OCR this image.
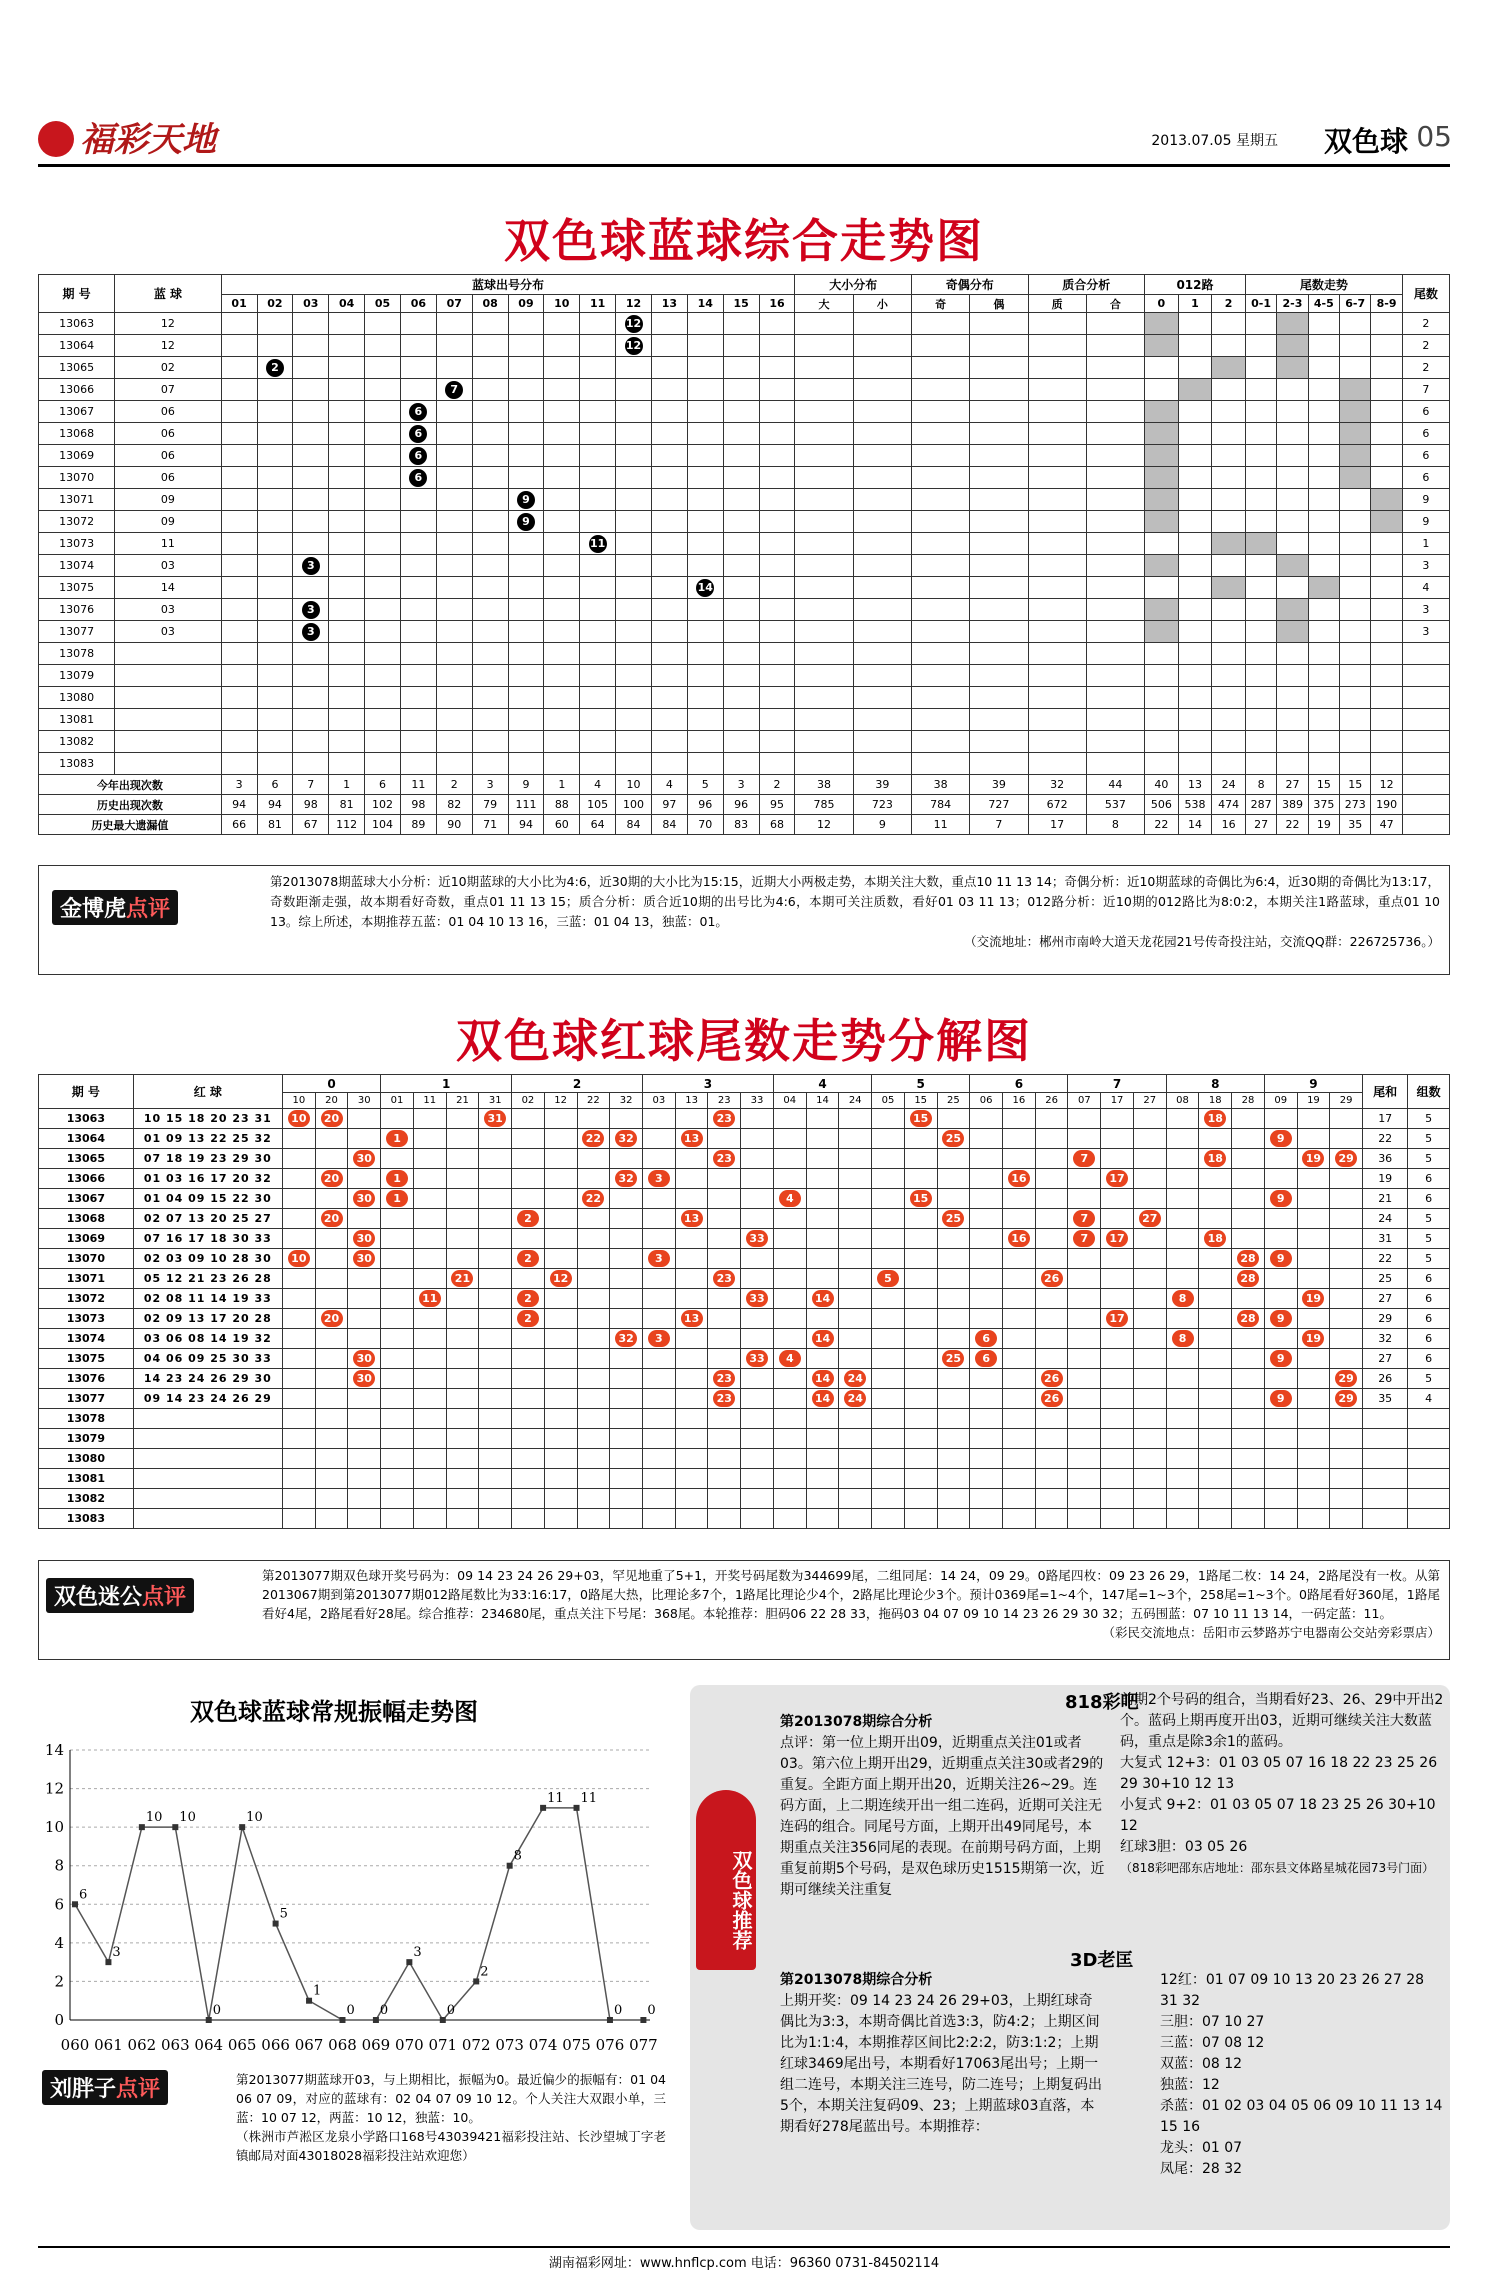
福彩天地	2013.07.05 星期五 双色球 05
双色球蓝球综合走势图
期 号	蓝 球	蓝球出号分布																大小分布		奇偶分布		质合分析		012路			尾数走势					尾数
		01	02	03	04	05	06	07	08	09	10	11	12	13	14	15	16	大	小	奇	偶	质	合	0	1	2	0-1	2-3	4-5	6-7	8-9	
13063	12												12																			2
13064	12												12																			2
13065	02		2																													2
13066	07							7																								7
13067	06						6																									6
13068	06						6																									6
13069	06						6																									6
13070	06						6																									6
13071	09									9																						9
13072	09									9																						9
13073	11											11																				1
13074	03			3																												3
13075	14														14																	4
13076	03			3																												3
13077	03			3																												3
13078																																
13079																																
13080																																
13081																																
13082																																
13083																																
今年出现次数		3	6	7	1	6	11	2	3	9	1	4	10	4	5	3	2	38	39	38	39	32	44	40	13	24	8	27	15	15	12	
历史出现次数		94	94	98	81	102	98	82	79	111	88	105	100	97	96	96	95	785	723	784	727	672	537	506	538	474	287	389	375	273	190	
历史最大遗漏值		66	81	67	112	104	89	90	71	94	60	64	84	84	70	83	68	12	9	11	7	17	8	22	14	16	27	22	19	35	47	
金博虎点评
第2013078期蓝球大小分析：近10期蓝球的大小比为4:6，近30期的大小比为15:15，近期大小两极走势，本期关注大数，重点10 11 13 14；奇偶分析：近10期蓝球的奇偶比为6:4，近30期的奇偶比为13:17，奇数距渐走强，故本期看好奇数，重点01 11 13 15；质合分析：质合近10期的出号比为4:6，本期可关注质数，看好01 03 11 13；012路分析：近10期的012路比为8:0:2，本期关注1路蓝球，重点01 10 13。综上所述，本期推荐五蓝：01 04 10 13 16，三蓝：01 04 13，独蓝：01。
（交流地址：郴州市南岭大道天龙花园21号传奇投注站，交流QQ群：226725736。）
双色球红球尾数走势分解图
期 号	红 球	0			1				2				3				4			5			6			7			8			9			尾和	组数
		10	20	30	01	11	21	31	02	12	22	32	03	13	23	33	04	14	24	05	15	25	06	16	26	07	17	27	08	18	28	09	19	29		
13063	10 15 18 20 23 31	10	20					31							23						15									18					17	5
13064	01 09 13 22 25 32				1						22	32		13								25										9			22	5
13065	07 18 19 23 29 30			30											23											7				18			19	29	36	5
13066	01 03 16 17 20 32		20		1							32	3											16			17								19	6
13067	01 04 09 15 22 30			30	1						22						4				15											9			21	6
13068	02 07 13 20 25 27		20						2					13								25				7		27							24	5
13069	07 16 17 18 30 33			30												33								16		7	17			18					31	5
13070	02 03 09 10 28 30	10		30					2				3																		28	9			22	5
13071	05 12 21 23 26 28						21			12					23					5					26						28				25	6
13072	02 08 11 14 19 33					11			2							33		14											8				19		27	6
13073	02 09 13 17 20 28		20						2					13													17				28	9			29	6
13074	03 06 08 14 19 32											32	3					14					6						8				19		32	6
13075	04 06 09 25 30 33			30												33	4					25	6									9			27	6
13076	14 23 24 26 29 30			30											23			14	24						26									29	26	5
13077	09 14 23 24 26 29														23			14	24						26							9		29	35	4
13078																																				
13079																																				
13080																																				
13081																																				
13082																																				
13083																																				
双色迷公点评
第2013077期双色球开奖号码为：09 14 23 24 26 29+03，罕见地重了5+1，开奖号码尾数为344699尾，二组同尾：14 24，09 29。0路尾四枚：09 23 26 29，1路尾二枚：14 24，2路尾没有一枚。从第2013067期到第2013077期012路尾数比为33:16:17，0路尾大热，比理论多7个，1路尾比理论少4个，2路尾比理论少3个。预计0369尾=1~4个，147尾=1~3个，258尾=1~3个。0路尾看好360尾，1路尾看好4尾，2路尾看好28尾。综合推荐：234680尾，重点关注下号尾：368尾。本轮推荐：胆码06 22 28 33，拖码03 04 07 09 10 14 23 26 29 30 32；五码围蓝：07 10 11 13 14，一码定蓝：11。
（彩民交流地点：岳阳市云梦路苏宁电器南公交站旁彩票店）
双色球蓝球常规振幅走势图
0
2
4
6
8
10
12
14
6
060
3
061
10
062
10
063
0
064
10
065
5
066
1
067
0
068
0
069
3
070
0
071
2
072
8
073
11
074
11
075
0
076
0
077
刘胖子点评	第2013077期蓝球开03，与上期相比，振幅为0。最近偏少的振幅有：01 04 06 07 09，对应的蓝球有：02 04 07 09 10 12。个人关注大双跟小单，三蓝：10 07 12，两蓝：10 12，独蓝：10。
（株洲市芦淞区龙泉小学路口168号43039421福彩投注站、长沙望城丁字老镇邮局对面43018028福彩投注站欢迎您）
双色球推荐
818彩吧
第2013078期综合分析
点评：第一位上期开出09，近期重点关注01或者03。第六位上期开出29，近期重点关注30或者29的重复。全距方面上期开出20，近期关注26~29。连码方面，上二期连续开出一组二连码，近期可关注无连码的组合。同尾号方面，上期开出49同尾号，本期重点关注356同尾的表现。在前期号码方面，上期重复前期5个号码，是双色球历史1515期第一次，近期可继续关注重复
前期2个号码的组合，当期看好23、26、29中开出2个。蓝码上期再度开出03，近期可继续关注大数蓝码，重点是除3余1的蓝码。
大复式 12+3：01 03 05 07 16 18 22 23 25 26 29 30+10 12 13
小复式 9+2：01 03 05 07 18 23 25 26 30+10 12
红球3胆：03 05 26
（818彩吧邵东店地址：邵东县文体路星城花园73号门面）
3D老匡
第2013078期综合分析
上期开奖：09 14 23 24 26 29+03，上期红球奇偶比为3:3，本期奇偶比首选3:3，防4:2；上期区间比为1:1:4，本期推荐区间比2:2:2，防3:1:2；上期红球3469尾出号，本期看好17063尾出号；上期一组二连号，本期关注三连号，防二连号；上期复码出5个，本期关注复码09、23；上期蓝球03直落，本期看好278尾蓝出号。本期推荐：
12红：01 07 09 10 13 20 23 26 27 28 31 32
三胆：07 10 27
三蓝：07 08 12
双蓝：08 12
独蓝：12
杀蓝：01 02 03 04 05 06 09 10 11 13 14 15 16
龙头：01 07
凤尾：28 32
湖南福彩网址：www.hnflcp.com 电话：96360 0731-84502114
